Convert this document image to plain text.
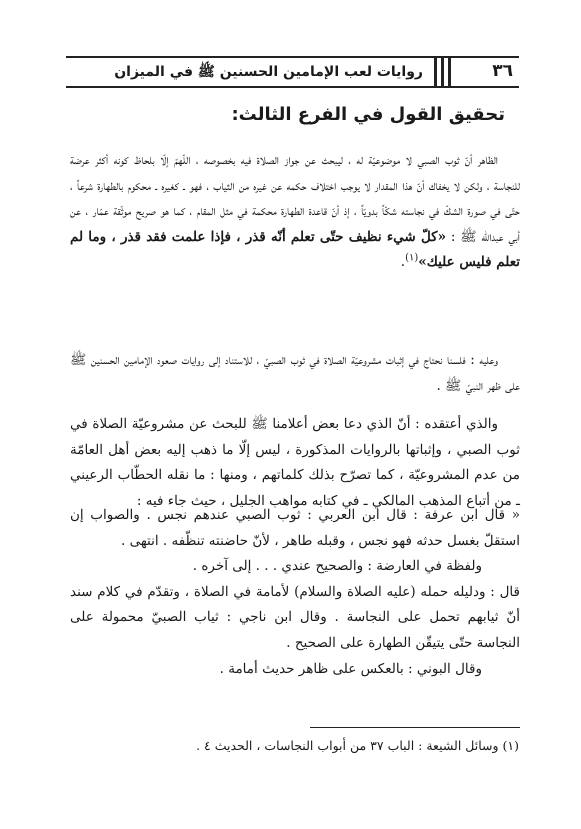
٣٦
روايات لعب الإمامين الحسنين ﷺ في الميزان
تحقيق القول في الفرع الثالث:

الظاهر أنّ ثوب الصبي لا موضوعيّة له ، ليبحث عن جواز الصلاة فيه بخصوصه ، اللّهمّ إلّا بلحاظ كونه أكثر عرضة للنجاسة ، ولكن لا يخفاك أنّ هذا المقدار لا يوجب اختلاف حكمه عن غيره من الثياب ، فهو ـ كغيره ـ محكوم بالطهارة شرعاً ، حتّى في صورة الشكّ في نجاسته شكّاً بدويّاً ، إذ أنّ قاعدة الطهارة محكمة في مثل المقام ، كما هو صريح موثّقة عمّار ، عن أبي عبدالله ﷺ : «كلّ شيء نظيف حتّى تعلم أنّه قذر ، فإذا علمت فقد قذر ، وما لم تعلم فليس عليك»$^{(١)}$.

وعليه : فلسنا نحتاج في إثبات مشروعيّة الصلاة في ثوب الصبيّ ، للاستناد إلى روايات صعود الإمامين الحسنين ﷺ على ظهر النبيّ ﷺ .

والذي أعتقده : أنّ الذي دعا بعض أعلامنا ﷺ للبحث عن مشروعيّة الصلاة في ثوب الصبي ، وإثباتها بالروايات المذكورة ، ليس إلّا ما ذهب إليه بعض أهل العامّة من عدم المشروعيّة ، كما تصرّح بذلك كلماتهم ، ومنها : ما نقله الحطّاب الرعيني ـ من أتباع المذهب المالكي ـ في كتابه مواهب الجليل ، حيث جاء فيه :

« قال ابن عرفة : قال ابن العربي : ثوب الصبي عندهم نجس . والصواب إن استقلّ بغسل حدثه فهو نجس ، وقبله طاهر ، لأنّ حاضنته تنظّفه . انتهى .

ولفظة في العارضة : والصحيح عندي . . . إلى آخره .

قال : ودليله حمله (عليه الصلاة والسلام) لأمامة في الصلاة ، وتقدّم في كلام سند أنّ ثيابهم تحمل على النجاسة . وقال ابن ناجي : ثياب الصبيّ محمولة على النجاسة حتّى يتيقّن الطهارة على الصحيح .

وقال البوني : بالعكس على ظاهر حديث أمامة .

(١) وسائل الشيعة : الباب ٣٧ من أبواب النجاسات ، الحديث ٤ .
